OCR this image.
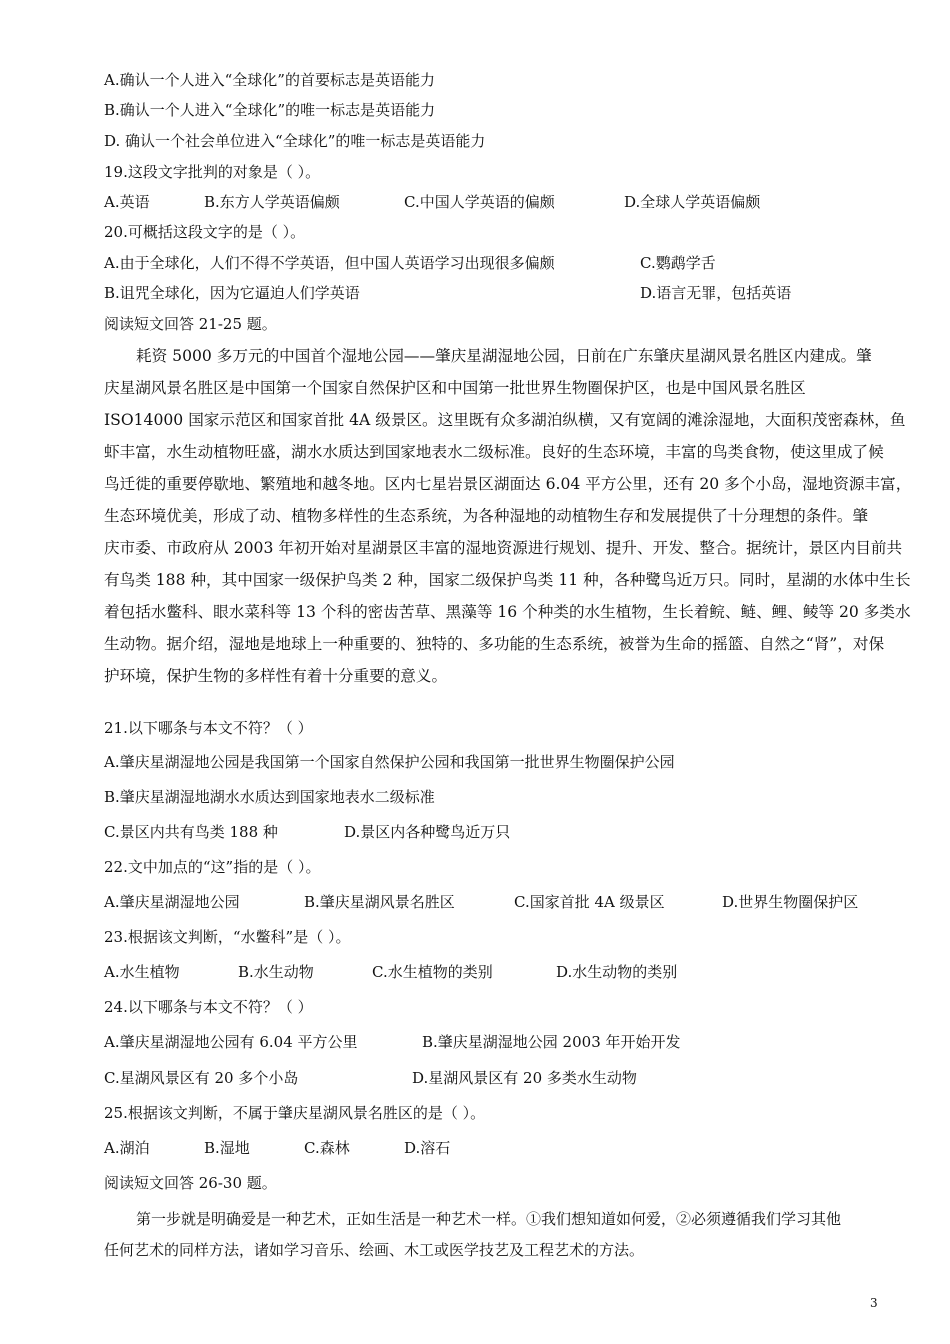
A.确认一个人进入“全球化”的首要标志是英语能力
B.确认一个人进入“全球化”的唯一标志是英语能力
D. 确认一个社会单位进入“全球化”的唯一标志是英语能力
19.这段文字批判的对象是（ ）。
A.英语	B.东方人学英语偏颇	C.中国人学英语的偏颇	D.全球人学英语偏颇
20.可概括这段文字的是（ ）。
A.由于全球化，人们不得不学英语，但中国人英语学习出现很多偏颇	C.鹦鹉学舌
B.诅咒全球化，因为它逼迫人们学英语	D.语言无罪，包括英语
阅读短文回答 21-25 题。
耗资 5000 多万元的中国首个湿地公园——肇庆星湖湿地公园，日前在广东肇庆星湖风景名胜区内建成。肇
庆星湖风景名胜区是中国第一个国家自然保护区和中国第一批世界生物圈保护区，也是中国风景名胜区
ISO14000 国家示范区和国家首批 4A 级景区。这里既有众多湖泊纵横，又有宽阔的滩涂湿地，大面积茂密森林，鱼
虾丰富，水生动植物旺盛，湖水水质达到国家地表水二级标准。良好的生态环境，丰富的鸟类食物，使这里成了候
鸟迁徙的重要停歇地、繁殖地和越冬地。区内七星岩景区湖面达 6.04 平方公里，还有 20 多个小岛，湿地资源丰富，
生态环境优美，形成了动、植物多样性的生态系统，为各种湿地的动植物生存和发展提供了十分理想的条件。肇
庆市委、市政府从 2003 年初开始对星湖景区丰富的湿地资源进行规划、提升、开发、整合。据统计，景区内目前共
有鸟类 188 种，其中国家一级保护鸟类 2 种，国家二级保护鸟类 11 种，各种鹭鸟近万只。同时，星湖的水体中生长
着包括水鳖科、眼水菜科等 13 个科的密齿苦草、黑藻等 16 个种类的水生植物，生长着鲩、鲢、鲤、鲮等 20 多类水
生动物。据介绍，湿地是地球上一种重要的、独特的、多功能的生态系统，被誉为生命的摇篮、自然之“肾”，对保
护环境，保护生物的多样性有着十分重要的意义。
21.以下哪条与本文不符？（ ）
A.肇庆星湖湿地公园是我国第一个国家自然保护公园和我国第一批世界生物圈保护公园
B.肇庆星湖湿地湖水水质达到国家地表水二级标准
C.景区内共有鸟类 188 种	D.景区内各种鹭鸟近万只
22.文中加点的“这”指的是（ ）。
A.肇庆星湖湿地公园	B.肇庆星湖风景名胜区	C.国家首批 4A 级景区	D.世界生物圈保护区
23.根据该文判断，“水鳖科”是（ ）。
A.水生植物	B.水生动物	C.水生植物的类别	D.水生动物的类别
24.以下哪条与本文不符？（ ）
A.肇庆星湖湿地公园有 6.04 平方公里	B.肇庆星湖湿地公园 2003 年开始开发
C.星湖风景区有 20 多个小岛	D.星湖风景区有 20 多类水生动物
25.根据该文判断，不属于肇庆星湖风景名胜区的是（ ）。
A.湖泊	B.湿地	C.森林	D.溶石
阅读短文回答 26-30 题。
第一步就是明确爱是一种艺术，正如生活是一种艺术一样。①我们想知道如何爱，②必须遵循我们学习其他
任何艺术的同样方法，诸如学习音乐、绘画、木工或医学技艺及工程艺术的方法。
3
